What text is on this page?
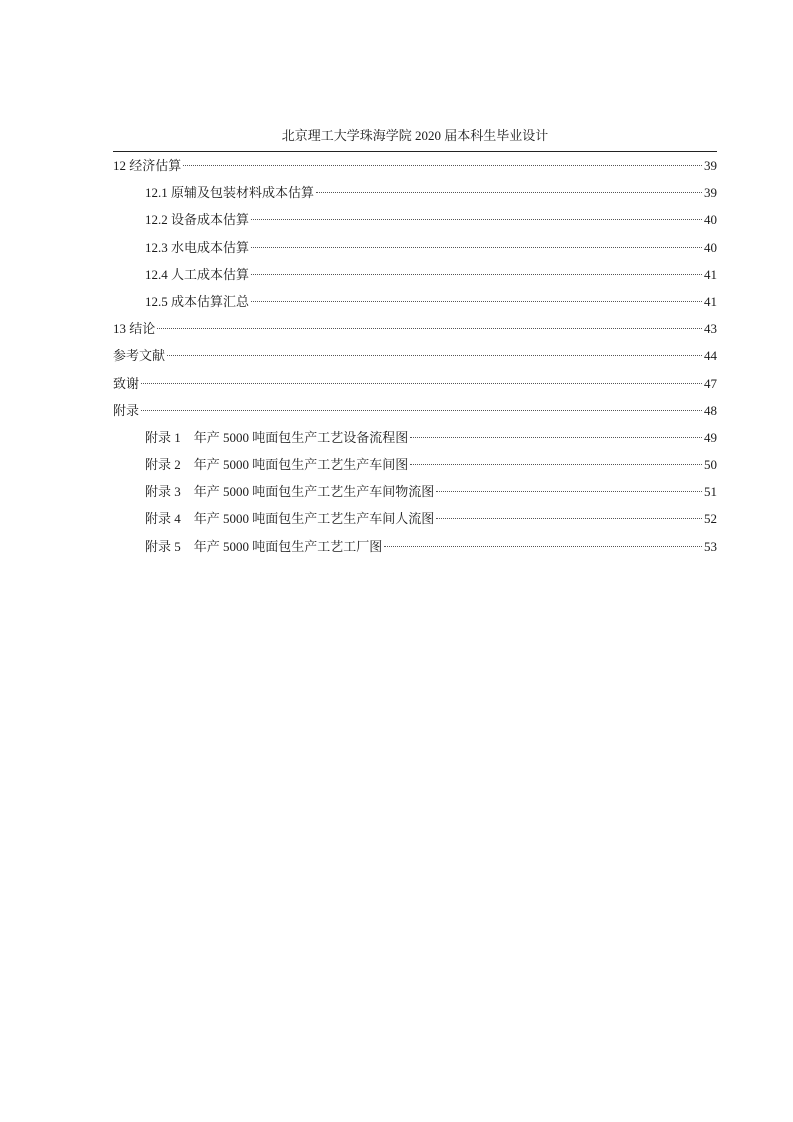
北京理工大学珠海学院 2020 届本科生毕业设计
12 经济估算	39
12.1 原辅及包装材料成本估算	39
12.2 设备成本估算	40
12.3 水电成本估算	40
12.4 人工成本估算	41
12.5 成本估算汇总	41
13 结论	43
参考文献	44
致谢	47
附录	48
附录 1　年产 5000 吨面包生产工艺设备流程图	49
附录 2　年产 5000 吨面包生产工艺生产车间图	50
附录 3　年产 5000 吨面包生产工艺生产车间物流图	51
附录 4　年产 5000 吨面包生产工艺生产车间人流图	52
附录 5　年产 5000 吨面包生产工艺工厂图	53
